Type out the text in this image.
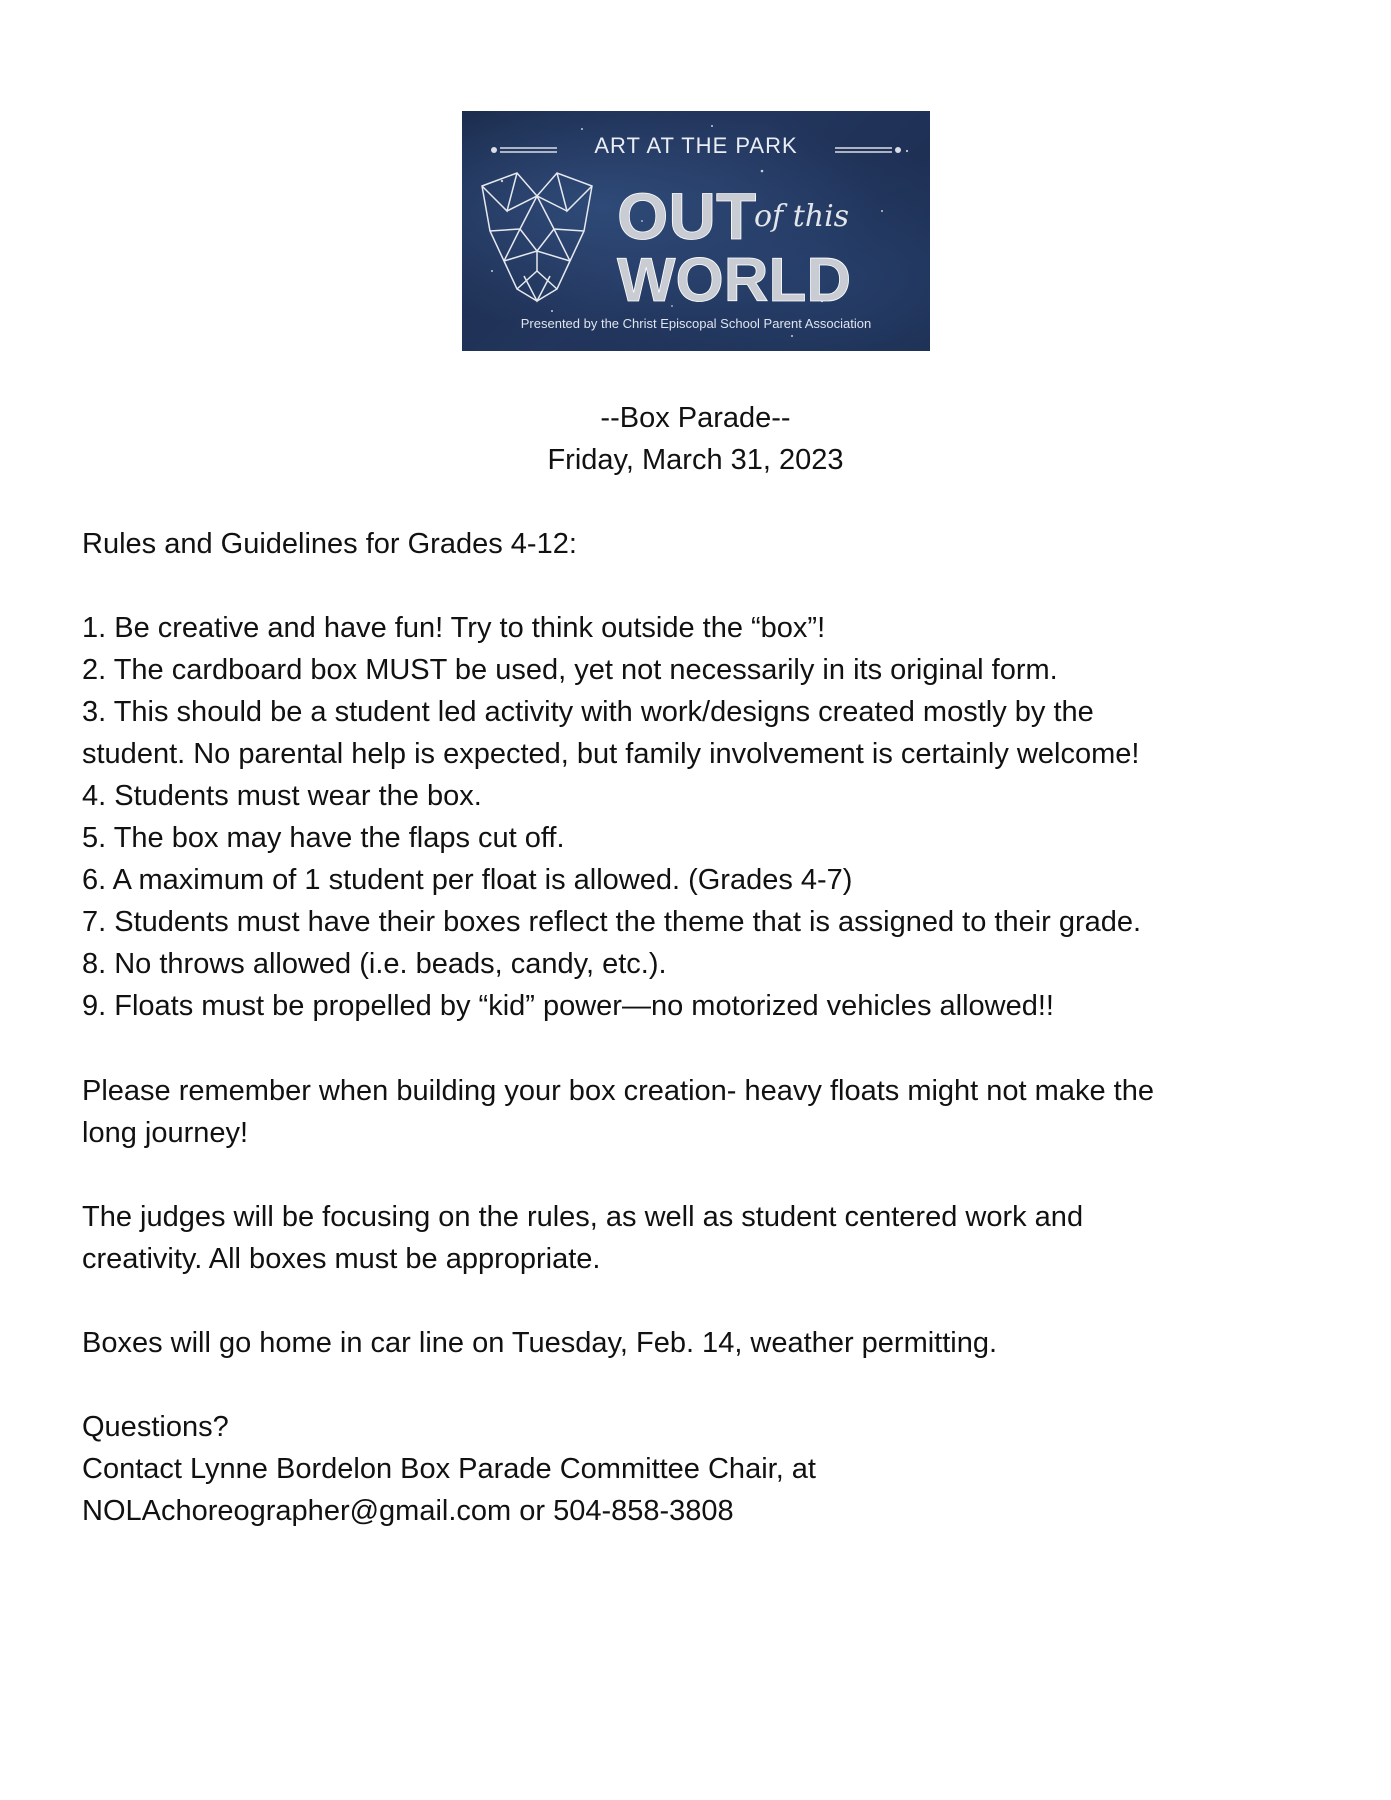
OUT
of this
WORLD
ART AT THE PARK
Presented by the Christ Episcopal School Parent Association
--Box Parade--
Friday, March 31, 2023
Rules and Guidelines for Grades 4-12:
1. Be creative and have fun! Try to think outside the “box”!
2. The cardboard box MUST be used, yet not necessarily in its original form.
3. This should be a student led activity with work/designs created mostly by the
student. No parental help is expected, but family involvement is certainly welcome!
4. Students must wear the box.
5. The box may have the flaps cut off.
6. A maximum of 1 student per float is allowed. (Grades 4-7)
7. Students must have their boxes reflect the theme that is assigned to their grade.
8. No throws allowed (i.e. beads, candy, etc.).
9. Floats must be propelled by “kid” power—no motorized vehicles allowed!!
Please remember when building your box creation- heavy floats might not make the
long journey!
The judges will be focusing on the rules, as well as student centered work and
creativity. All boxes must be appropriate.
Boxes will go home in car line on Tuesday, Feb. 14, weather permitting.
Questions?
Contact Lynne Bordelon Box Parade Committee Chair, at
NOLAchoreographer@gmail.com or 504-858-3808
